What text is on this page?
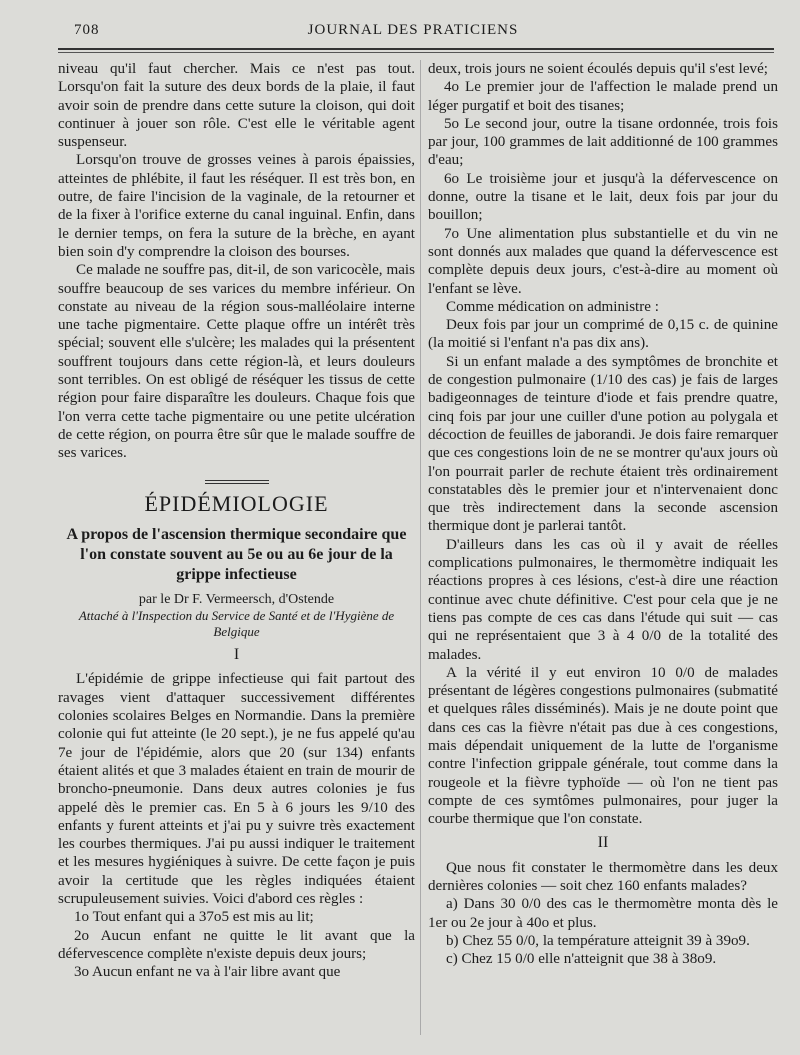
708	JOURNAL DES PRATICIENS

niveau qu'il faut chercher. Mais ce n'est pas tout. Lorsqu'on fait la suture des deux bords de la plaie, il faut avoir soin de prendre dans cette suture la cloison, qui doit continuer à jouer son rôle. C'est elle le véritable agent suspenseur.

Lorsqu'on trouve de grosses veines à parois épaissies, atteintes de phlébite, il faut les réséquer. Il est très bon, en outre, de faire l'incision de la vaginale, de la retourner et de la fixer à l'orifice externe du canal inguinal. Enfin, dans le dernier temps, on fera la suture de la brèche, en ayant bien soin d'y comprendre la cloison des bourses.

Ce malade ne souffre pas, dit-il, de son varicocèle, mais souffre beaucoup de ses varices du membre inférieur. On constate au niveau de la région sous-malléolaire interne une tache pigmentaire. Cette plaque offre un intérêt très spécial; souvent elle s'ulcère; les malades qui la présentent souffrent toujours dans cette région-là, et leurs douleurs sont terribles. On est obligé de réséquer les tissus de cette région pour faire disparaître les douleurs. Chaque fois que l'on verra cette tache pigmentaire ou une petite ulcération de cette région, on pourra être sûr que le malade souffre de ses varices.

ÉPIDÉMIOLOGIE
A propos de l'ascension thermique secondaire que l'on constate souvent au 5e ou au 6e jour de la grippe infectieuse
par le Dr F. Vermeersch, d'Ostende
Attaché à l'Inspection du Service de Santé et de l'Hygiène de Belgique
I

L'épidémie de grippe infectieuse qui fait partout des ravages vient d'attaquer successivement différentes colonies scolaires Belges en Normandie. Dans la première colonie qui fut atteinte (le 20 sept.), je ne fus appelé qu'au 7e jour de l'épidémie, alors que 20 (sur 134) enfants étaient alités et que 3 malades étaient en train de mourir de broncho-pneumonie. Dans deux autres colonies je fus appelé dès le premier cas. En 5 à 6 jours les 9/10 des enfants y furent atteints et j'ai pu y suivre très exactement les courbes thermiques. J'ai pu aussi indiquer le traitement et les mesures hygiéniques à suivre. De cette façon je puis avoir la certitude que les règles indiquées étaient scrupuleusement suivies. Voici d'abord ces règles :

1o Tout enfant qui a 37o5 est mis au lit;

2o Aucun enfant ne quitte le lit avant que la défervescence complète n'existe depuis deux jours;

3o Aucun enfant ne va à l'air libre avant que

deux, trois jours ne soient écoulés depuis qu'il s'est levé;

4o Le premier jour de l'affection le malade prend un léger purgatif et boit des tisanes;

5o Le second jour, outre la tisane ordonnée, trois fois par jour, 100 grammes de lait additionné de 100 grammes d'eau;

6o Le troisième jour et jusqu'à la défervescence on donne, outre la tisane et le lait, deux fois par jour du bouillon;

7o Une alimentation plus substantielle et du vin ne sont donnés aux malades que quand la défervescence est complète depuis deux jours, c'est-à-dire au moment où l'enfant se lève.

Comme médication on administre :

Deux fois par jour un comprimé de 0,15 c. de quinine (la moitié si l'enfant n'a pas dix ans).

Si un enfant malade a des symptômes de bronchite et de congestion pulmonaire (1/10 des cas) je fais de larges badigeonnages de teinture d'iode et fais prendre quatre, cinq fois par jour une cuiller d'une potion au polygala et décoction de feuilles de jaborandi. Je dois faire remarquer que ces congestions loin de ne se montrer qu'aux jours où l'on pourrait parler de rechute étaient très ordinairement constatables dès le premier jour et n'intervenaient donc que très indirectement dans la seconde ascension thermique dont je parlerai tantôt.

D'ailleurs dans les cas où il y avait de réelles complications pulmonaires, le thermomètre indiquait les réactions propres à ces lésions, c'est-à dire une réaction continue avec chute définitive. C'est pour cela que je ne tiens pas compte de ces cas dans l'étude qui suit — cas qui ne représentaient que 3 à 4 0/0 de la totalité des malades.

A la vérité il y eut environ 10 0/0 de malades présentant de légères congestions pulmonaires (submatité et quelques râles disséminés). Mais je ne doute point que dans ces cas la fièvre n'était pas due à ces congestions, mais dépendait uniquement de la lutte de l'organisme contre l'infection grippale générale, tout comme dans la rougeole et la fièvre typhoïde — où l'on ne tient pas compte de ces symtômes pulmonaires, pour juger la courbe thermique que l'on constate.

II

Que nous fit constater le thermomètre dans les deux dernières colonies — soit chez 160 enfants malades?

a) Dans 30 0/0 des cas le thermomètre monta dès le 1er ou 2e jour à 40o et plus.

b) Chez 55 0/0, la température atteignit 39 à 39o9.

c) Chez 15 0/0 elle n'atteignit que 38 à 38o9.
